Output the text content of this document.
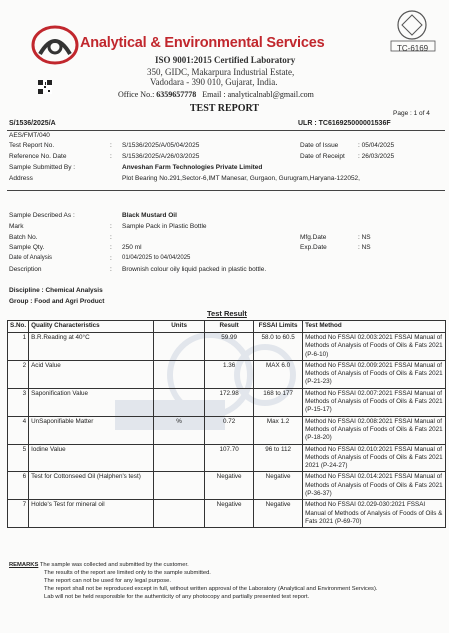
Analytical & Environmental Services
ISO 9001:2015 Certified Laboratory
350, GIDC, Makarpura Industrial Estate,
Vadodara - 390 010, Gujarat, India.
TC-6169
Office No.: 6359657778 Email : analyticalnabl@gmail.com
TEST REPORT	Page : 1 of 4
S/1536/2025/A	ULR : TC616925000001536F
AES/FMT/040
Test Report No.	: S/1536/2025/A/05/04/2025	Date of Issue	: 05/04/2025
Reference No. Date	: S/1536/2025/A/26/03/2025	Date of Receipt : 26/03/2025
Sample Submitted By :	Anveshan Farm Technologies Private Limited
Address	Plot Bearing No.291,Sector-6,IMT Manesar, Gurgaon, Gurugram,Haryana-122052,
Sample Described As :	Black Mustard Oil
Mark	: Sample Pack in Plastic Bottle
Batch No.	:	Mfg.Date	: NS
Sample Qty.	: 250 ml	Exp.Date	: NS
Date of Analysis	: 01/04/2025 to 04/04/2025
Description	: Brownish colour oily liquid packed in plastic bottle.
Discipline : Chemical Analysis
Group : Food and Agri Product
Test Result
S.No.	Quality Characteristics	Units	Result	FSSAI Limits	Test Method
1	B.R.Reading at 40°C		59.99	58.0 to 60.5	Method No FSSAI 02.003:2021 FSSAI Manual of Methods of Analysis of Foods of Oils & Fats 2021 (P-6-10)
2	Acid Value		1.36	MAX 6.0	Method No FSSAI 02.009:2021 FSSAI Manual of Methods of Analysis of Foods of Oils & Fats 2021 (P-21-23)
3	Saponification Value		172.98	168 to 177	Method No FSSAI 02.007:2021 FSSAI Manual of Methods of Analysis of Foods of Oils & Fats 2021 (P-15-17)
4	UnSaponifiable Matter	%	0.72	Max 1.2	Method No FSSAI 02.008:2021 FSSAI Manual of Methods of Analysis of Foods of Oils & Fats 2021 (P-18-20)
5	Iodine Value		107.70	96 to 112	Method No FSSAI 02.010:2021 FSSAI Manual of Methods of Analysis of Foods of Oils & Fats 2021 2021 (P-24-27)
6	Test for Cottonseed Oil (Halphen's test)		Negative	Negative	Method No FSSAI 02.014:2021 FSSAI Manual of Methods of Analysis of Foods of Oils & Fats 2021 (P-36-37)
7	Holde's Test for mineral oil		Negative	Negative	Method No FSSAI 02.029-030:2021 FSSAI Manual of Methods of Analysis of Foods of Oils & Fats 2021 (P-69-70)
REMARKS The sample was collected and submitted by the customer.
The results of the report are limited only to the sample submitted.
The report can not be used for any legal purpose.
The report shall not be reproduced except in full, without written approval of the Laboratory (Analytical and Environment Services).
Lab will not be held responsible for the authenticity of any photocopy and partially presented test report.
